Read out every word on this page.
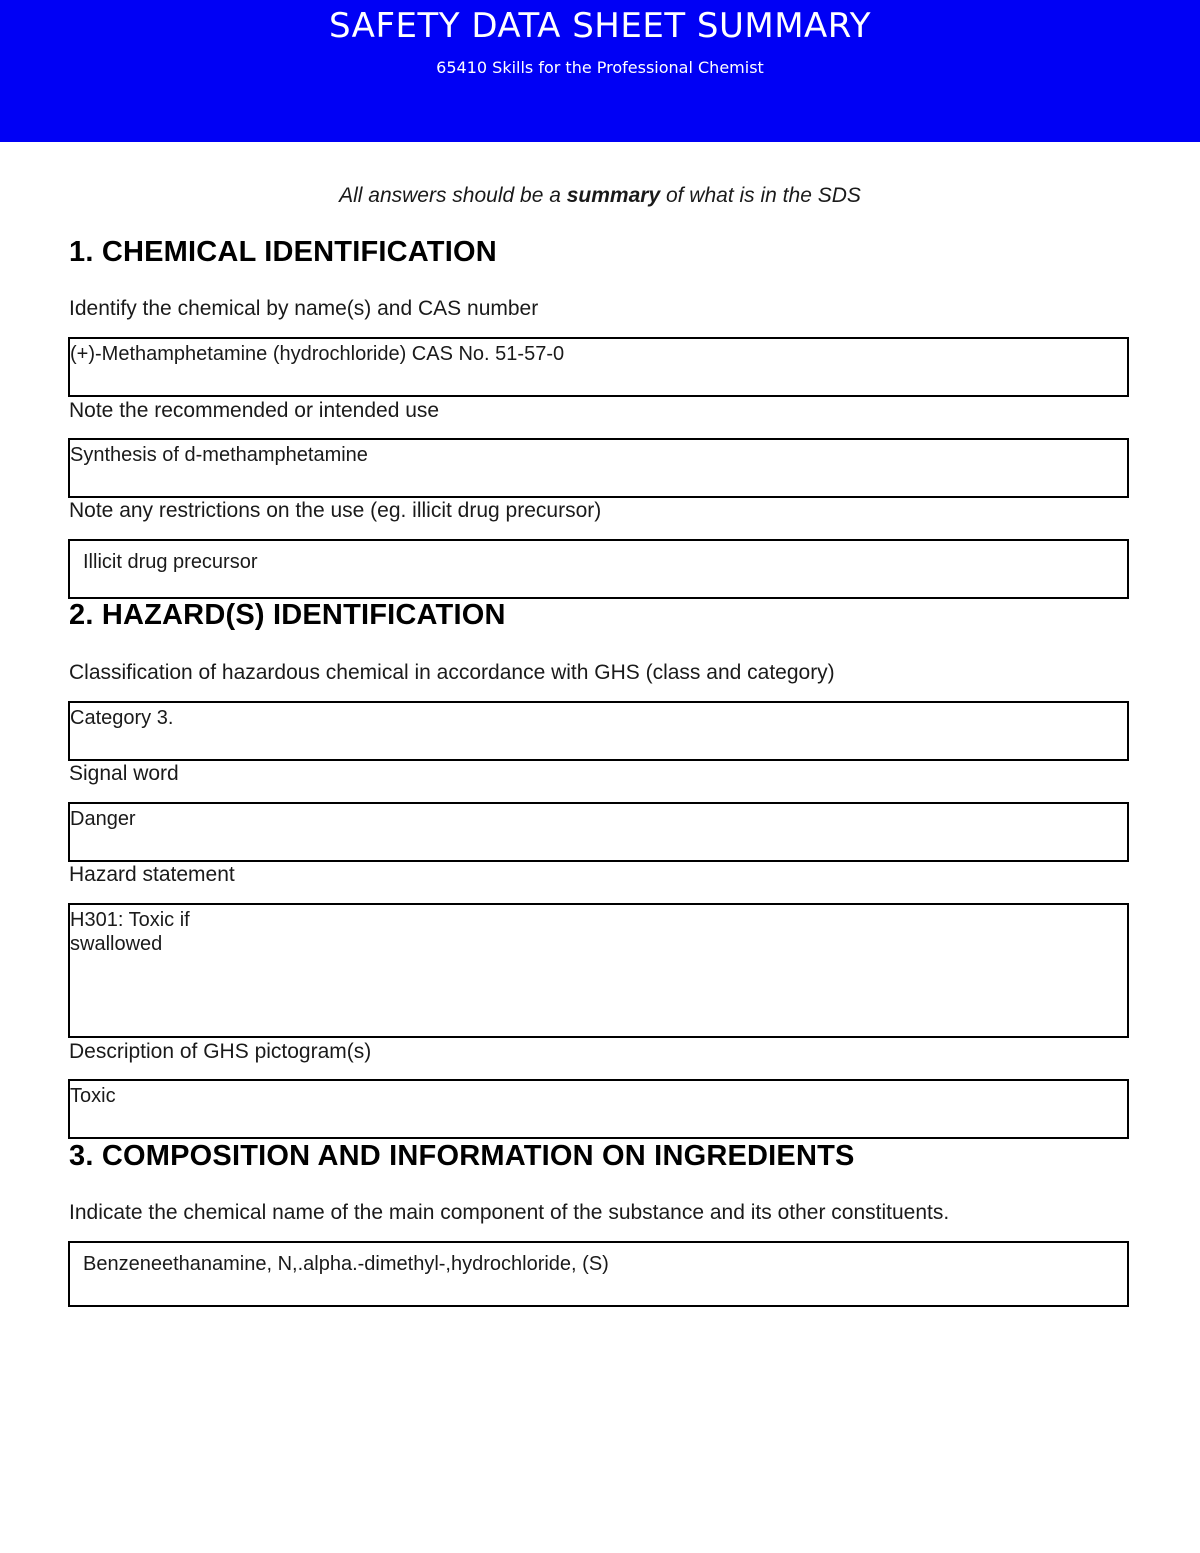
SAFETY DATA SHEET SUMMARY
65410 Skills for the Professional Chemist
All answers should be a summary of what is in the SDS
1. CHEMICAL IDENTIFICATION
Identify the chemical by name(s) and CAS number
(+)-Methamphetamine (hydrochloride) CAS No. 51-57-0
Note the recommended or intended use
Synthesis of d-methamphetamine
Note any restrictions on the use (eg. illicit drug precursor)
Illicit drug precursor
2. HAZARD(S) IDENTIFICATION
Classification of hazardous chemical in accordance with GHS (class and category)
Category 3.
Signal word
Danger
Hazard statement
H301: Toxic if
swallowed
Description of GHS pictogram(s)
Toxic
3. COMPOSITION AND INFORMATION ON INGREDIENTS
Indicate the chemical name of the main component of the substance and its other constituents.
Benzeneethanamine, N,.alpha.-dimethyl-,hydrochloride, (S)
